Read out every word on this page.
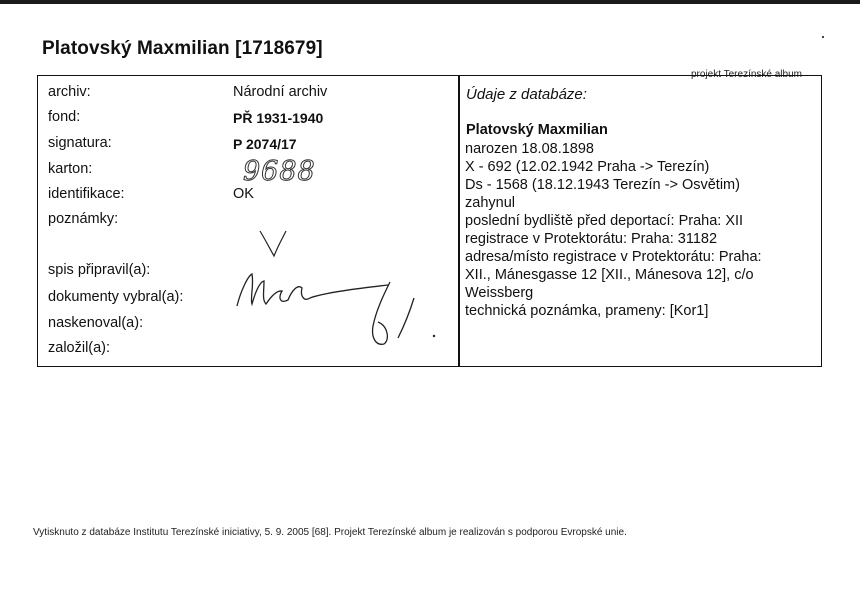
Platovský Maxmilian [1718679]
projekt Terezínské album
archiv:
fond:
signatura:
karton:
identifikace:
poznámky:
spis připravil(a):
dokumenty vybral(a):
naskenoval(a):
založil(a):
Národní archiv
PŘ 1931-1940
P 2074/17
OK
9688
Údaje z databáze:
Platovský Maxmilian
narozen 18.08.1898
X - 692 (12.02.1942 Praha -> Terezín)
Ds - 1568 (18.12.1943 Terezín -> Osvětim)
zahynul
poslední bydliště před deportací: Praha: XII
registrace v Protektorátu: Praha: 31182
adresa/místo registrace v Protektorátu: Praha:
XII., Mánesgasse 12 [XII., Mánesova 12], c/o
Weissberg
technická poznámka, prameny: [Kor1]
Vytisknuto z databáze Institutu Terezínské iniciativy, 5. 9. 2005 [68]. Projekt Terezínské album je realizován s podporou Evropské unie.
